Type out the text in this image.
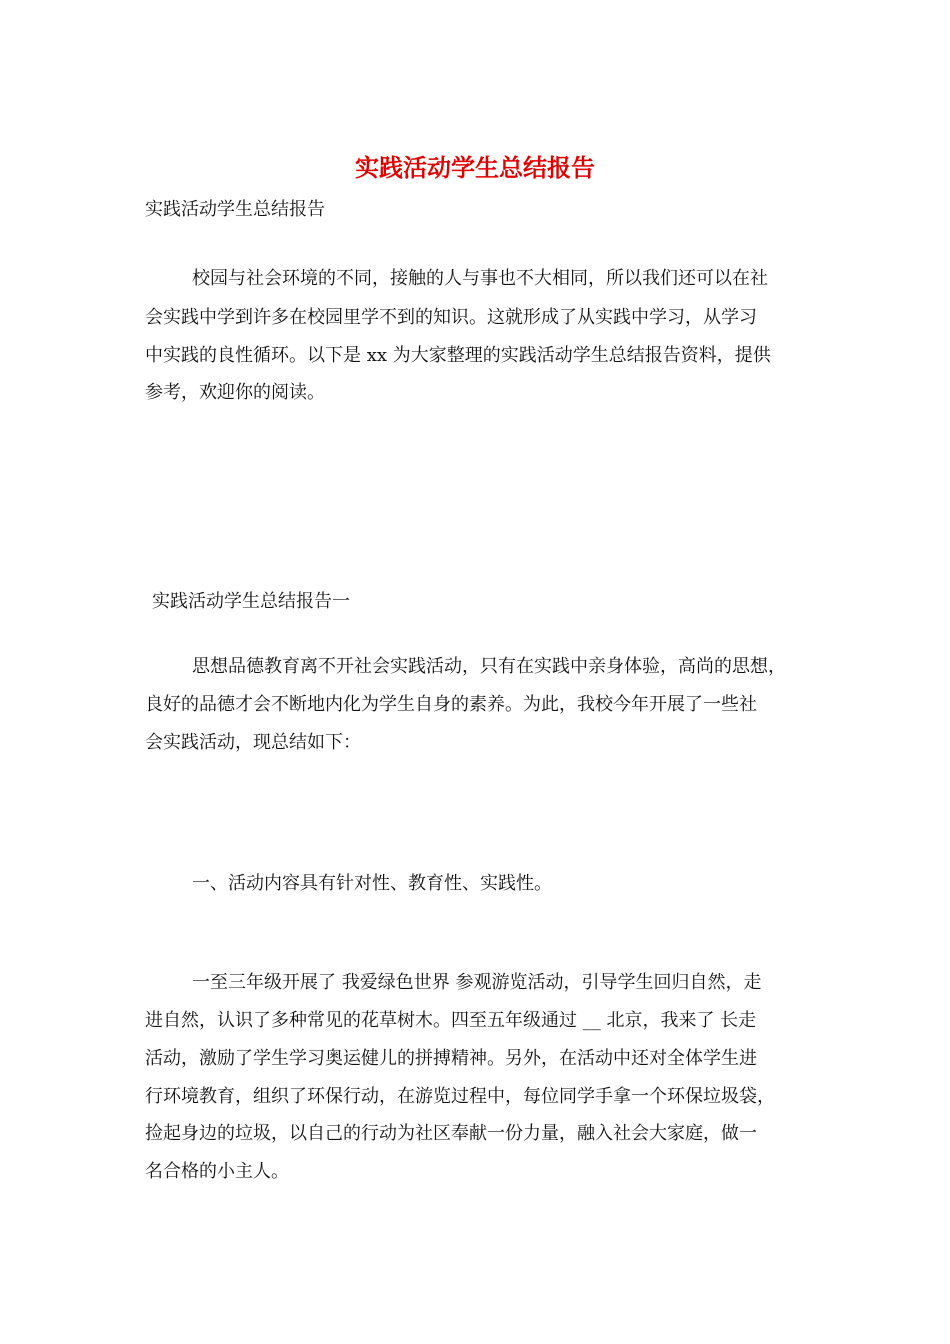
实践活动学生总结报告
实践活动学生总结报告
校园与社会环境的不同，接触的人与事也不大相同，所以我们还可以在社
会实践中学到许多在校园里学不到的知识。这就形成了从实践中学习，从学习
中实践的良性循环。以下是 xx 为大家整理的实践活动学生总结报告资料，提供
参考，欢迎你的阅读。
实践活动学生总结报告一
思想品德教育离不开社会实践活动，只有在实践中亲身体验，高尚的思想，
良好的品德才会不断地内化为学生自身的素养。为此，我校今年开展了一些社
会实践活动，现总结如下：
一、活动内容具有针对性、教育性、实践性。
一至三年级开展了 我爱绿色世界 参观游览活动，引导学生回归自然，走
进自然，认识了多种常见的花草树木。四至五年级通过 __ 北京，我来了 长走
活动，激励了学生学习奥运健儿的拼搏精神。另外，在活动中还对全体学生进
行环境教育，组织了环保行动，在游览过程中，每位同学手拿一个环保垃圾袋，
捡起身边的垃圾，以自己的行动为社区奉献一份力量，融入社会大家庭，做一
名合格的小主人。
